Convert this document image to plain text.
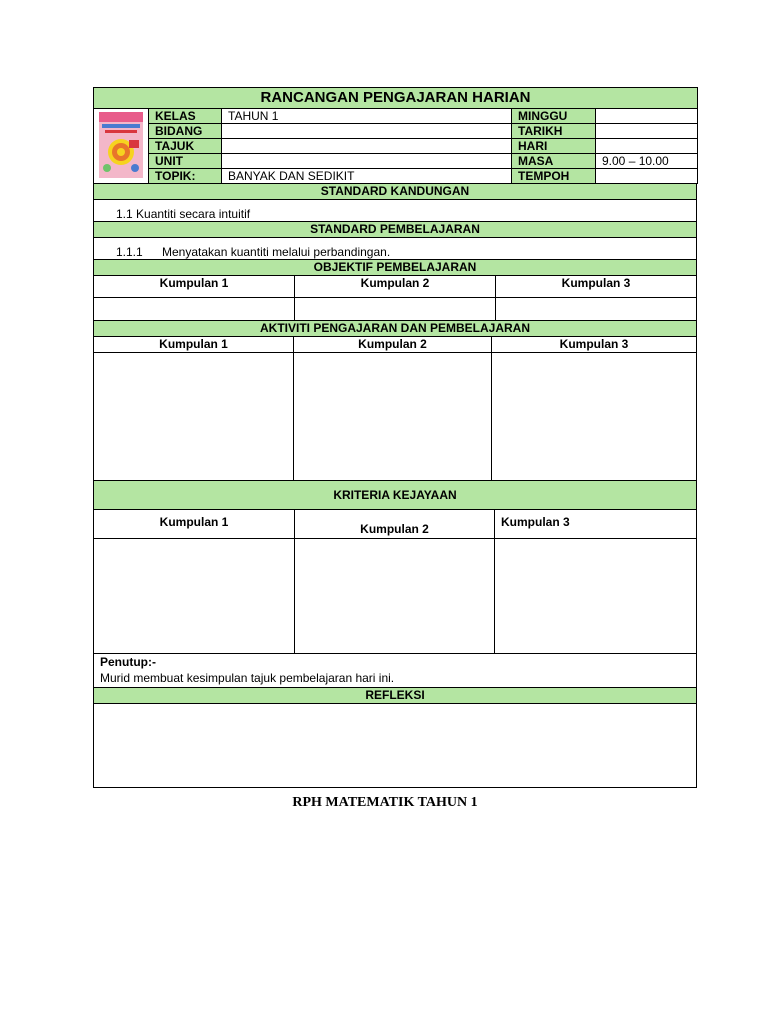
RANCANGAN PENGAJARAN HARIAN				
	KELAS	TAHUN 1	MINGGU	
	BIDANG		TARIKH	
	TAJUK		HARI	
	UNIT		MASA	9.00 – 10.00
	TOPIK:	BANYAK DAN SEDIKIT	TEMPOH	
STANDARD KANDUNGAN		
1.1 Kuantiti secara intuitif		
STANDARD PEMBELAJARAN		
1.1.1 Menyatakan kuantiti melalui perbandingan.		
OBJEKTIF PEMBELAJARAN		
Kumpulan 1	Kumpulan 2	Kumpulan 3

AKTIVITI PENGAJARAN DAN PEMBELAJARAN		
Kumpulan 1	Kumpulan 2	Kumpulan 3

KRITERIA KEJAYAAN		
Kumpulan 1	Kumpulan 2	Kumpulan 3

Penutup:-
Murid membuat kesimpulan tajuk pembelajaran hari ini.

REFLEKSI

RPH MATEMATIK TAHUN 1
